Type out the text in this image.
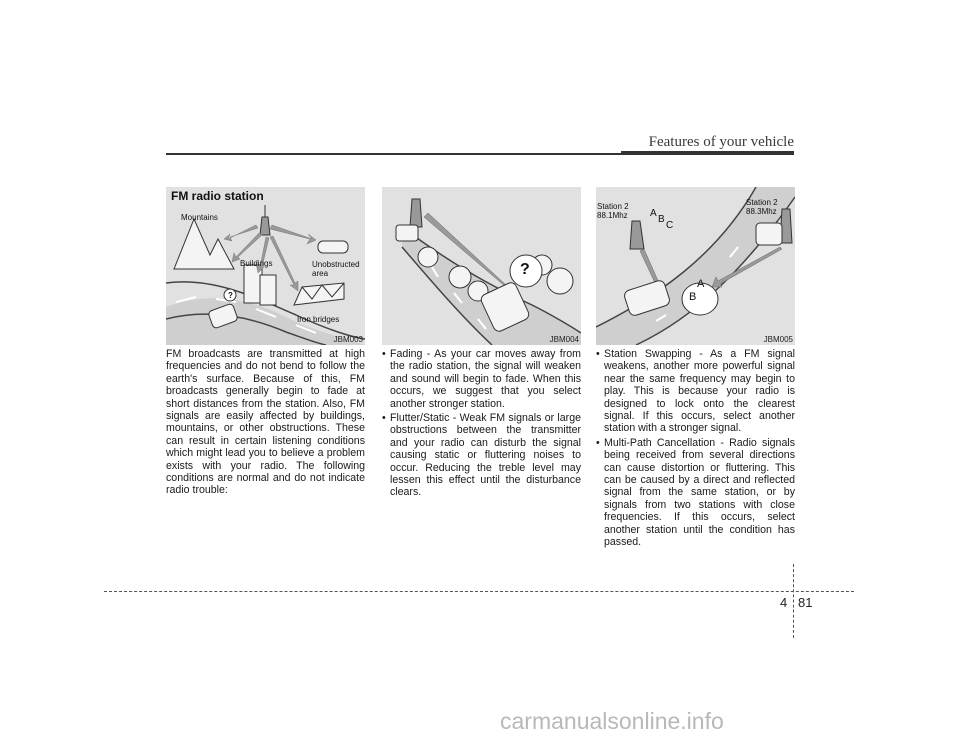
Features of your vehicle
FM radio station
Mountains
Buildings	Unobstructed area
Iron bridges
?
JBM003
?
JBM004
Station 2
88.1Mhz
Station 2
88.3Mhz
A
B
C
A
B
JBM005

FM broadcasts are transmitted at high frequencies and do not bend to follow the earth's surface. Because of this, FM broadcasts generally begin to fade at short distances from the station. Also, FM signals are easily affected by buildings, mountains, or other obstructions. These can result in certain listening conditions which might lead you to believe a problem exists with your radio. The following conditions are normal and do not indicate radio trouble:

• Fading - As your car moves away from the radio station, the signal will weaken and sound will begin to fade. When this occurs, we suggest that you select another stronger station.

• Flutter/Static - Weak FM signals or large obstructions between the transmitter and your radio can disturb the signal causing static or fluttering noises to occur. Reducing the treble level may lessen this effect until the disturbance clears.

• Station Swapping - As a FM signal weakens, another more powerful signal near the same frequency may begin to play. This is because your radio is designed to lock onto the clearest signal. If this occurs, select another station with a stronger signal.

• Multi-Path Cancellation - Radio signals being received from several directions can cause distortion or fluttering. This can be caused by a direct and reflected signal from the same station, or by signals from two stations with close frequencies. If this occurs, select another station until the condition has passed.

4 81
carmanualsonline.info
